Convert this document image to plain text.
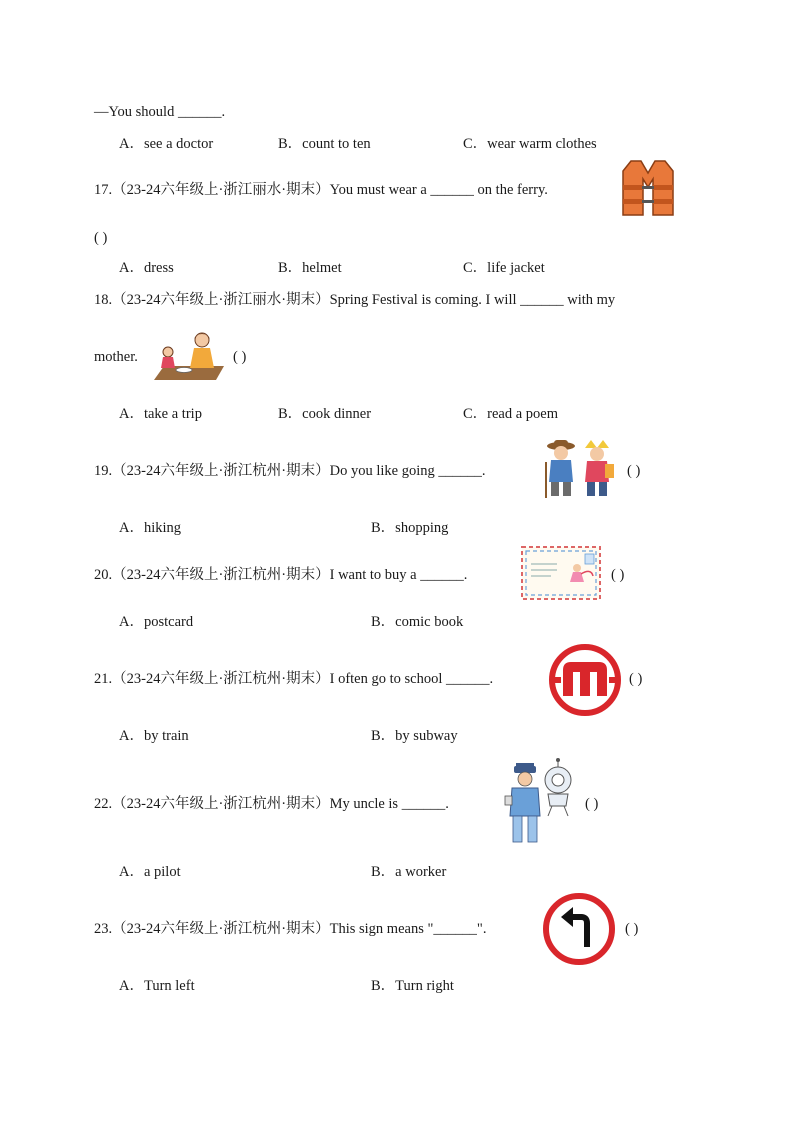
—You should ______.
A．see a doctor	B．count to ten	C．wear warm clothes
17.（23-24六年级上·浙江丽水·期末）You must wear a ______ on the ferry.
( )
A．dress	B．helmet	C．life jacket
18.（23-24六年级上·浙江丽水·期末）Spring Festival is coming. I will ______ with my
mother.	( )
A．take a trip	B．cook dinner	C．read a poem
19.（23-24六年级上·浙江杭州·期末）Do you like going ______.	( )
A．hiking	B．shopping
20.（23-24六年级上·浙江杭州·期末）I want to buy a ______.	( )
A．postcard	B．comic book
21.（23-24六年级上·浙江杭州·期末）I often go to school ______.	( )
A．by train	B．by subway
22.（23-24六年级上·浙江杭州·期末）My uncle is ______.	( )
A．a pilot	B．a worker
23.（23-24六年级上·浙江杭州·期末）This sign means "______".	( )
A．Turn left	B．Turn right
